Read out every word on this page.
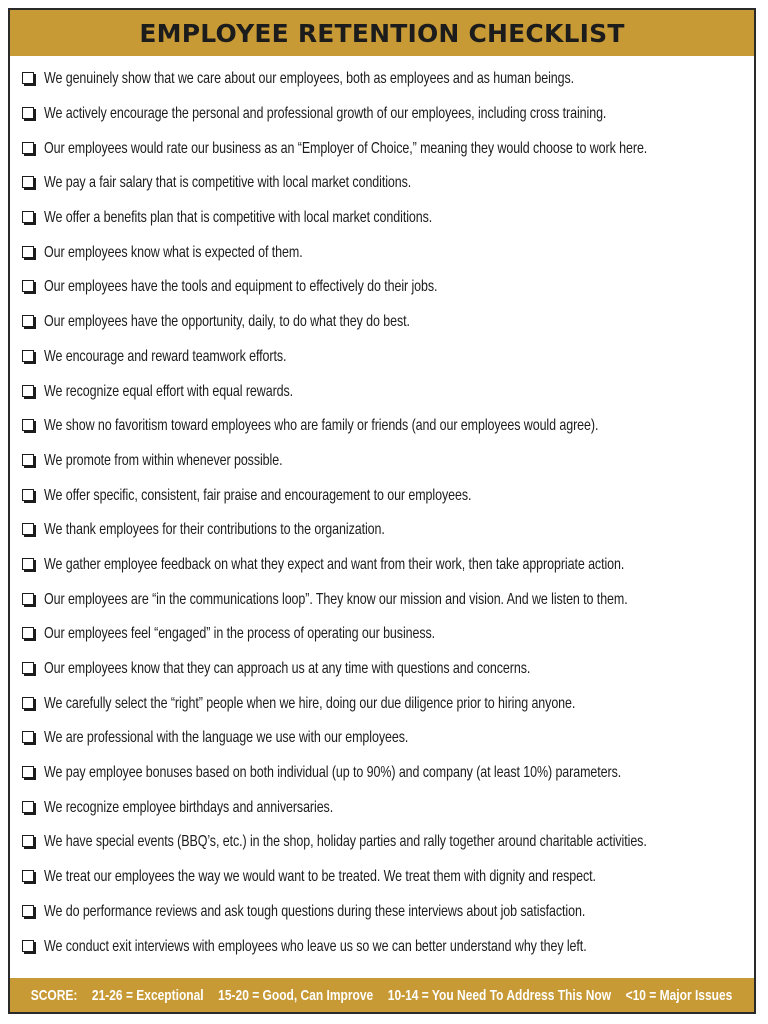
EMPLOYEE RETENTION CHECKLIST
We genuinely show that we care about our employees, both as employees and as human beings.
We actively encourage the personal and professional growth of our employees, including cross training.
Our employees would rate our business as an “Employer of Choice,” meaning they would choose to work here.
We pay a fair salary that is competitive with local market conditions.
We offer a benefits plan that is competitive with local market conditions.
Our employees know what is expected of them.
Our employees have the tools and equipment to effectively do their jobs.
Our employees have the opportunity, daily, to do what they do best.
We encourage and reward teamwork efforts.
We recognize equal effort with equal rewards.
We show no favoritism toward employees who are family or friends (and our employees would agree).
We promote from within whenever possible.
We offer specific, consistent, fair praise and encouragement to our employees.
We thank employees for their contributions to the organization.
We gather employee feedback on what they expect and want from their work, then take appropriate action.
Our employees are “in the communications loop”. They know our mission and vision. And we listen to them.
Our employees feel “engaged” in the process of operating our business.
Our employees know that they can approach us at any time with questions and concerns.
We carefully select the “right” people when we hire, doing our due diligence prior to hiring anyone.
We are professional with the language we use with our employees.
We pay employee bonuses based on both individual (up to 90%) and company (at least 10%) parameters.
We recognize employee birthdays and anniversaries.
We have special events (BBQ’s, etc.) in the shop, holiday parties and rally together around charitable activities.
We treat our employees the way we would want to be treated. We treat them with dignity and respect.
We do performance reviews and ask tough questions during these interviews about job satisfaction.
We conduct exit interviews with employees who leave us so we can better understand why they left.
SCORE: 21-26 = Exceptional 15-20 = Good, Can Improve 10-14 = You Need To Address This Now <10 = Major Issues
